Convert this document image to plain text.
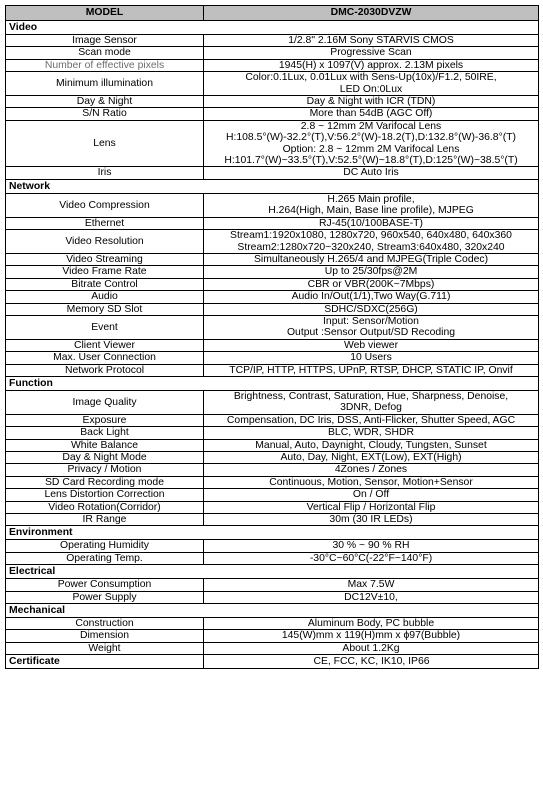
MODEL	DMC-2030DVZW
Video	
Image Sensor	1/2.8" 2.16M Sony STARVIS CMOS

Scan mode	Progressive Scan

Number of effective pixels	1945(H) x 1097(V) approx. 2.13M pixels

Minimum illumination	Color:0.1Lux, 0.01Lux with Sens-Up(10x)/F1.2, 50IRE,
LED On:0Lux

Day & Night	Day & Night with ICR (TDN)

S/N Ratio	More than 54dB (AGC Off)

Lens	2.8 ~ 12mm 2M Varifocal Lens
H:108.5°(W)-32.2°(T),V:56.2°(W)-18.2(T),D:132.8°(W)-36.8°(T)
Option: 2.8 ~ 12mm 2M Varifocal Lens
H:101.7°(W)~33.5°(T),V:52.5°(W)~18.8°(T),D:125°(W)~38.5°(T)

Iris	DC Auto Iris

Network	
Video Compression	H.265 Main profile,
H.264(High, Main, Base line profile), MJPEG

Ethernet	RJ-45(10/100BASE-T)

Video Resolution	Stream1:1920x1080, 1280x720, 960x540, 640x480, 640x360
Stream2:1280x720~320x240, Stream3:640x480, 320x240

Video Streaming	Simultaneously H.265/4 and MJPEG(Triple Codec)

Video Frame Rate	Up to 25/30fps@2M

Bitrate Control	CBR or VBR(200K~7Mbps)

Audio	Audio In/Out(1/1),Two Way(G.711)

Memory SD Slot	SDHC/SDXC(256G)

Event	Input: Sensor/Motion
Output :Sensor Output/SD Recoding

Client Viewer	Web viewer

Max. User Connection	10 Users

Network Protocol	TCP/IP, HTTP, HTTPS, UPnP, RTSP, DHCP, STATIC IP, Onvif

Function	
Image Quality	Brightness, Contrast, Saturation, Hue, Sharpness, Denoise,
3DNR, Defog

Exposure	Compensation, DC Iris, DSS, Anti-Flicker, Shutter Speed, AGC

Back Light	BLC, WDR, SHDR

White Balance	Manual, Auto, Daynight, Cloudy, Tungsten, Sunset

Day & Night Mode	Auto, Day, Night, EXT(Low), EXT(High)

Privacy / Motion	4Zones / Zones

SD Card Recording mode	Continuous, Motion, Sensor, Motion+Sensor

Lens Distortion Correction	On / Off

Video Rotation(Corridor)	Vertical Flip / Horizontal Flip

IR Range	30m (30 IR LEDs)

Environment	
Operating Humidity	30 % ~ 90 % RH

Operating Temp.	-30°C~60°C(-22°F~140°F)

Electrical	
Power Consumption	Max 7.5W

Power Supply	DC12V±10,

Mechanical	
Construction	Aluminum Body, PC bubble

Dimension	145(W)mm x 119(H)mm x ϕ97(Bubble)

Weight	About 1.2Kg

Certificate	CE, FCC, KC, IK10, IP66
